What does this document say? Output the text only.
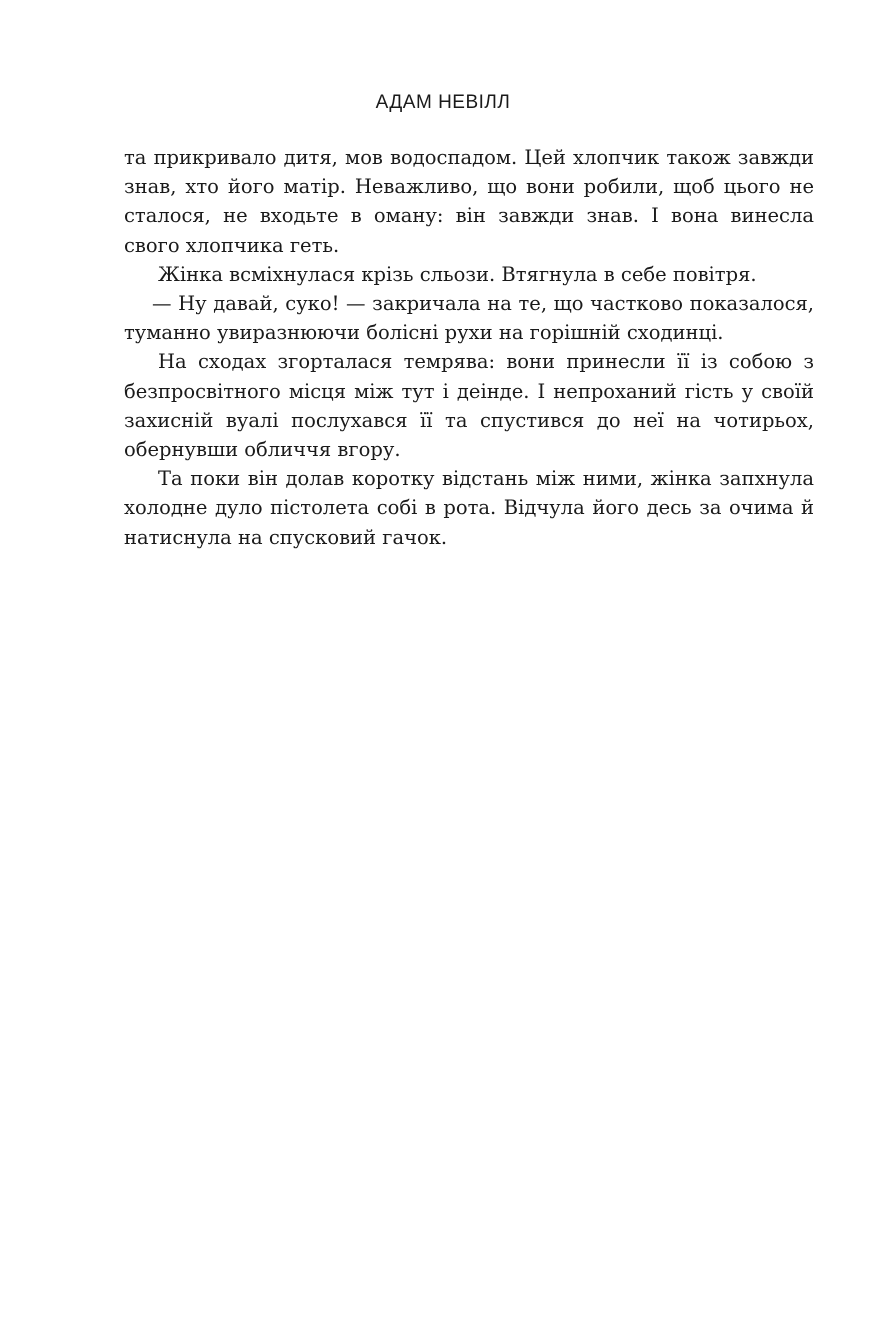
АДАМ НЕВІЛЛ

та прикривало дитя, мов водоспадом. Цей хлопчик також завжди знав, хто його матір. Неважливо, що вони робили, щоб цього не сталося, не входьте в оману: він завжди знав. І вона винесла свого хлопчика геть.

Жінка всміхнулася крізь сльози. Втягнула в себе повітря.

— Ну давай, суко! — закричала на те, що частково показалося, туманно увиразнюючи болісні рухи на горішній сходинці.

На сходах згорталася темрява: вони принесли її із собою з безпросвітного місця між тут і деінде. І непроханий гість у своїй захисній вуалі послухався її та спустився до неї на чотирьох, обернувши обличчя вгору.

Та поки він долав коротку відстань між ними, жінка запхнула холодне дуло пістолета собі в рота. Відчула його десь за очима й натиснула на спусковий гачок.
